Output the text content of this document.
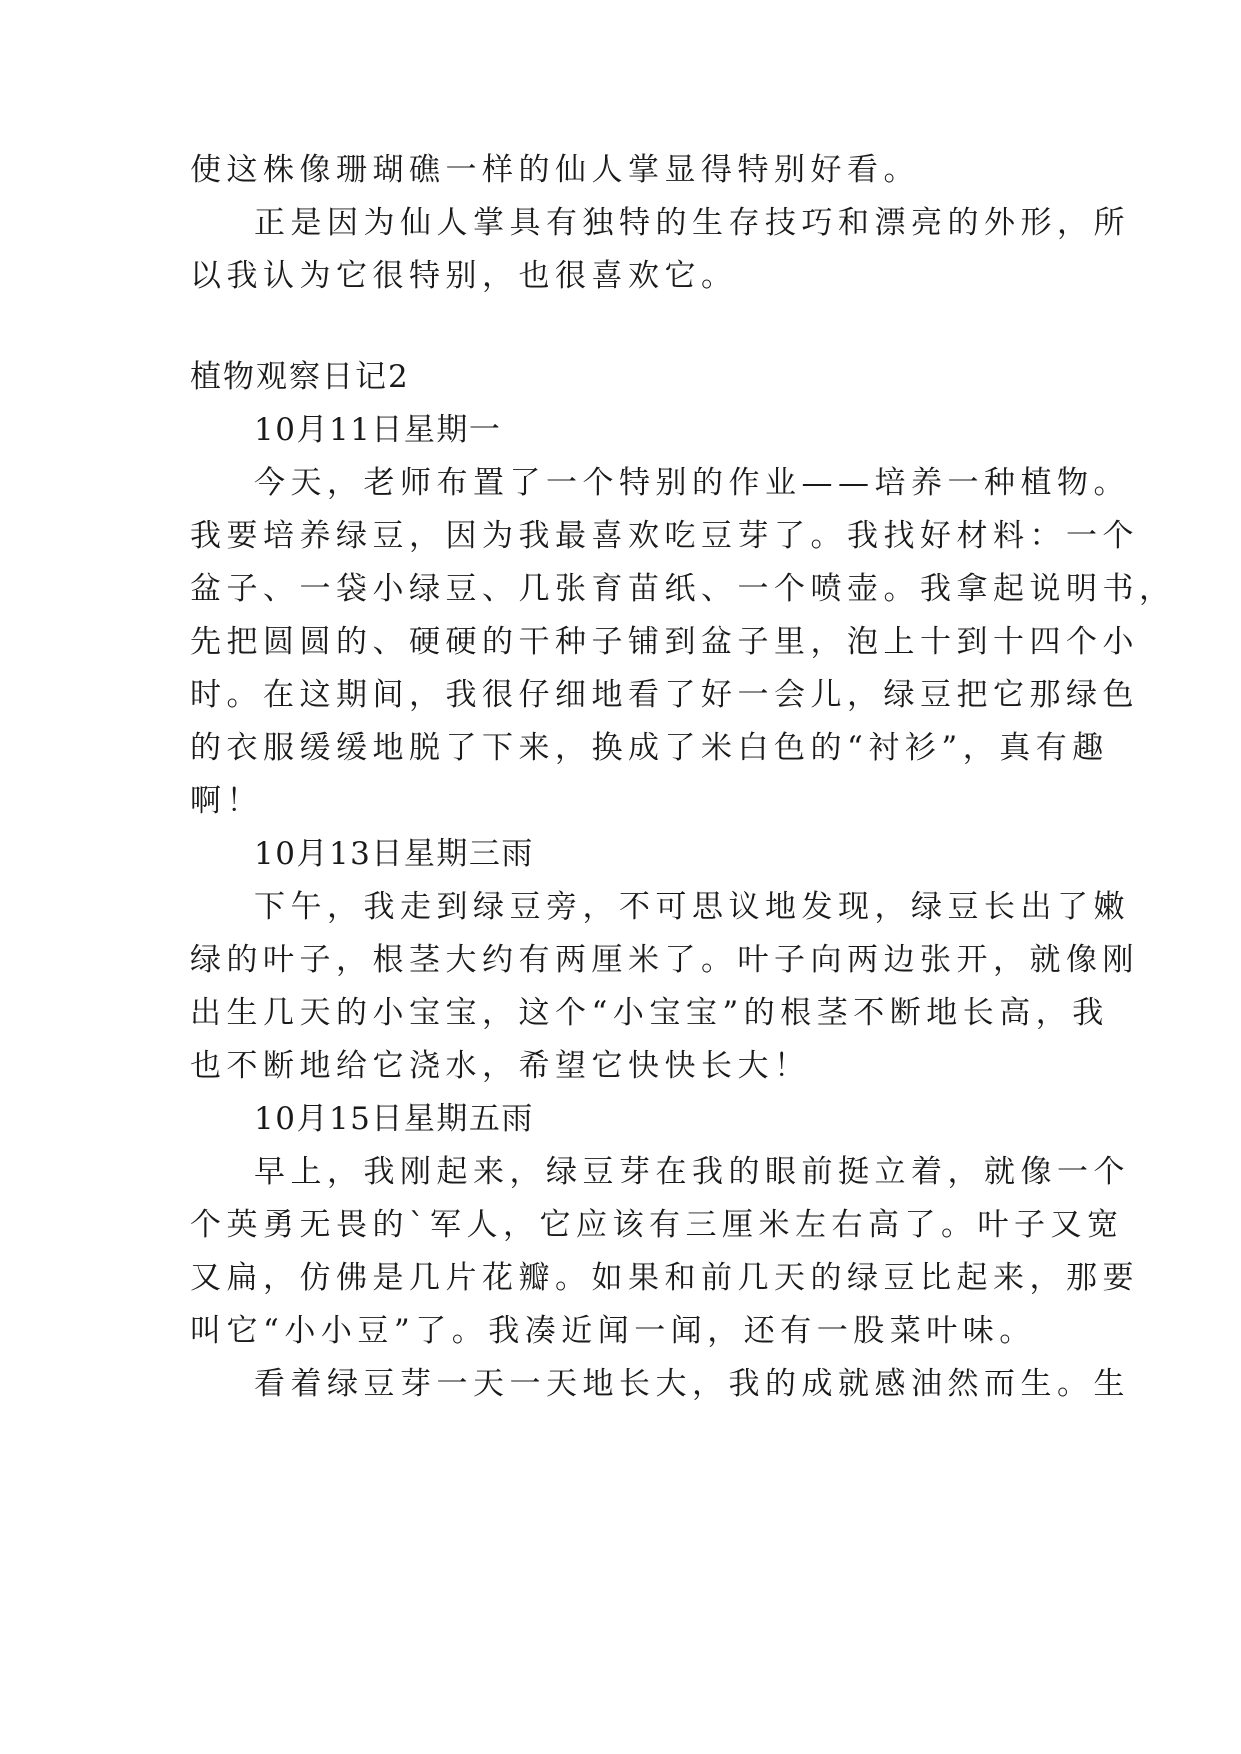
使这株像珊瑚礁一样的仙人掌显得特别好看。
正是因为仙人掌具有独特的生存技巧和漂亮的外形，所
以我认为它很特别，也很喜欢它。
植物观察日记2
10月11日星期一
今天，老师布置了一个特别的作业——培养一种植物。
我要培养绿豆，因为我最喜欢吃豆芽了。我找好材料：一个
盆子、一袋小绿豆、几张育苗纸、一个喷壶。我拿起说明书，
先把圆圆的、硬硬的干种子铺到盆子里，泡上十到十四个小
时。在这期间，我很仔细地看了好一会儿，绿豆把它那绿色
的衣服缓缓地脱了下来，换成了米白色的“衬衫”，真有趣
啊！
10月13日星期三雨
下午，我走到绿豆旁，不可思议地发现，绿豆长出了嫩
绿的叶子，根茎大约有两厘米了。叶子向两边张开，就像刚
出生几天的小宝宝，这个“小宝宝”的根茎不断地长高，我
也不断地给它浇水，希望它快快长大！
10月15日星期五雨
早上，我刚起来，绿豆芽在我的眼前挺立着，就像一个
个英勇无畏的`军人，它应该有三厘米左右高了。叶子又宽
又扁，仿佛是几片花瓣。如果和前几天的绿豆比起来，那要
叫它“小小豆”了。我凑近闻一闻，还有一股菜叶味。
看着绿豆芽一天一天地长大，我的成就感油然而生。生
